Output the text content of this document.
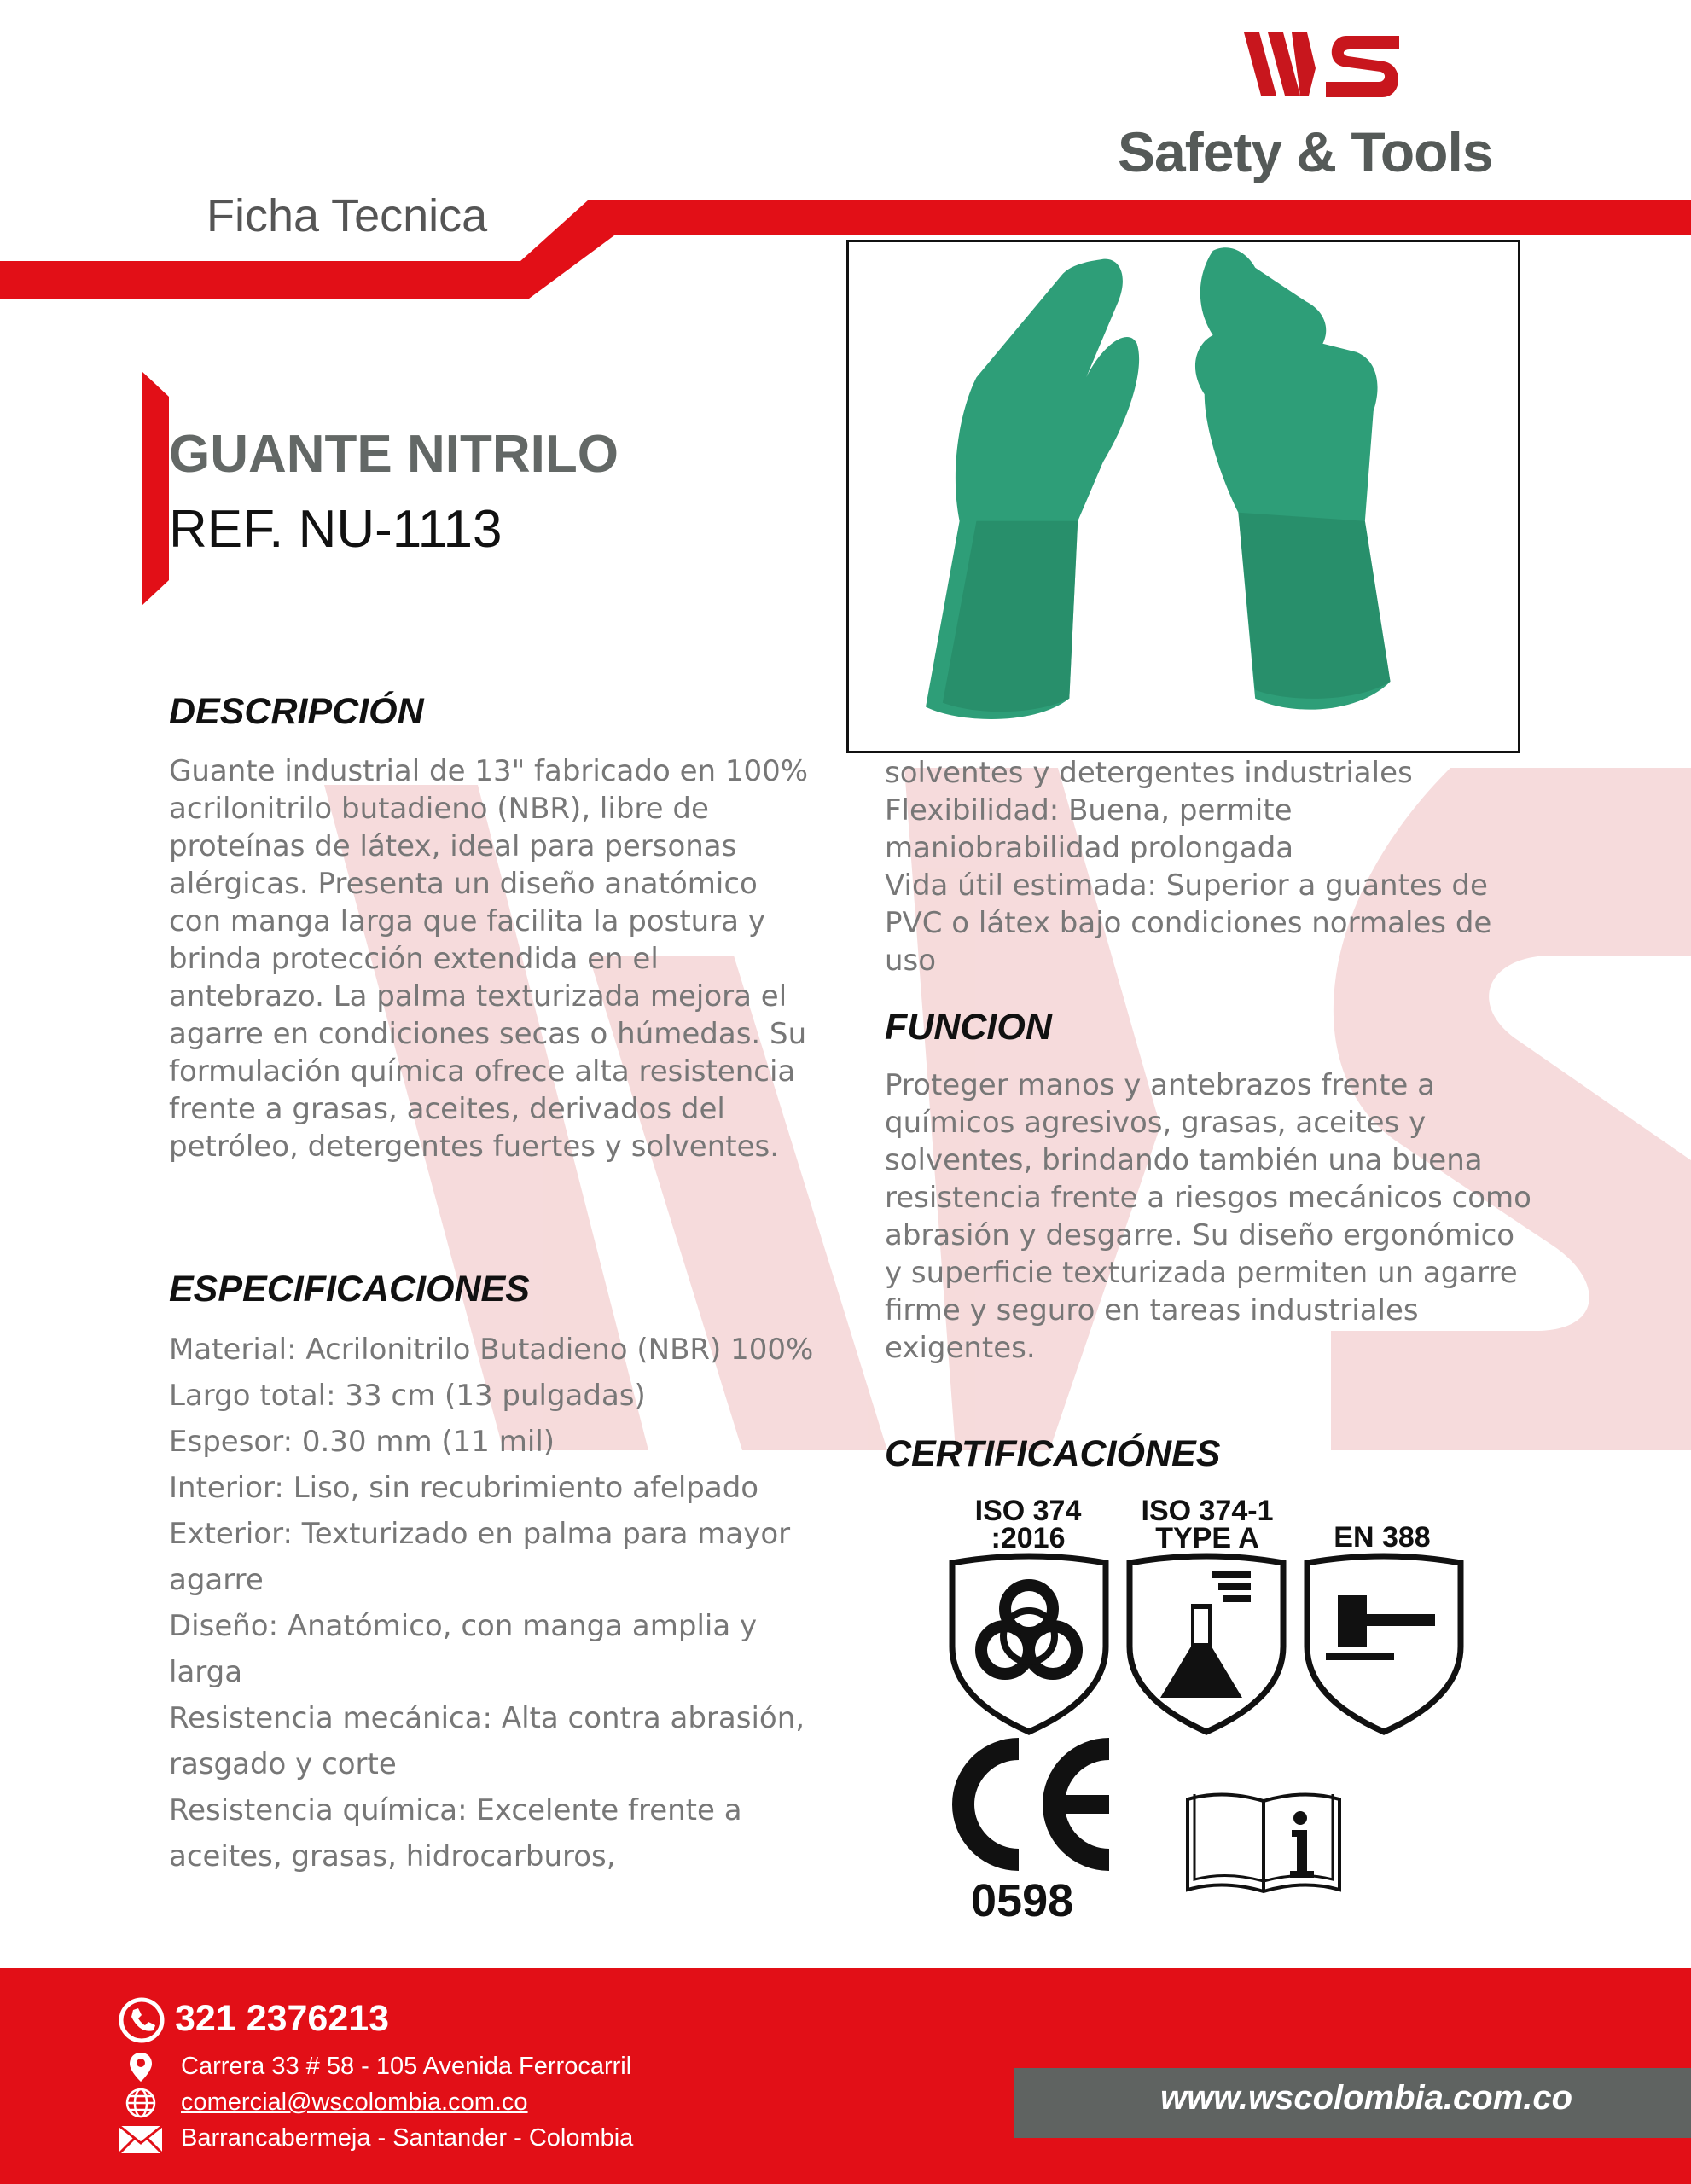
Safety & Tools
Ficha Tecnica
GUANTE NITRILO
REF. NU-1113
DESCRIPCIÓN
Guante industrial de 13" fabricado en 100% acrilonitrilo butadieno (NBR), libre de proteínas de látex, ideal para personas alérgicas. Presenta un diseño anatómico con manga larga que facilita la postura y brinda protección extendida en el antebrazo. La palma texturizada mejora el agarre en condiciones secas o húmedas. Su formulación química ofrece alta resistencia frente a grasas, aceites, derivados del petróleo, detergentes fuertes y solventes.
ESPECIFICACIONES
Material: Acrilonitrilo Butadieno (NBR) 100%
Largo total: 33 cm (13 pulgadas)
Espesor: 0.30 mm (11 mil)
Interior: Liso, sin recubrimiento afelpado
Exterior: Texturizado en palma para mayor agarre
Diseño: Anatómico, con manga amplia y larga
Resistencia mecánica: Alta contra abrasión, rasgado y corte
Resistencia química: Excelente frente a aceites, grasas, hidrocarburos,
solventes y detergentes industriales
Flexibilidad: Buena, permite maniobrabilidad prolongada
Vida útil estimada: Superior a guantes de PVC o látex bajo condiciones normales de uso
FUNCION
Proteger manos y antebrazos frente a químicos agresivos, grasas, aceites y solventes, brindando también una buena resistencia frente a riesgos mecánicos como abrasión y desgarre. Su diseño ergonómico y superficie texturizada permiten un agarre firme y seguro en tareas industriales exigentes.
CERTIFICACIÓNES
ISO 374
:2016
ISO 374-1
TYPE A	EN 388
0598
321 2376213
Carrera 33 # 58 - 105 Avenida Ferrocarril
comercial@wscolombia.com.co
Barrancabermeja - Santander - Colombia
www.wscolombia.com.co
